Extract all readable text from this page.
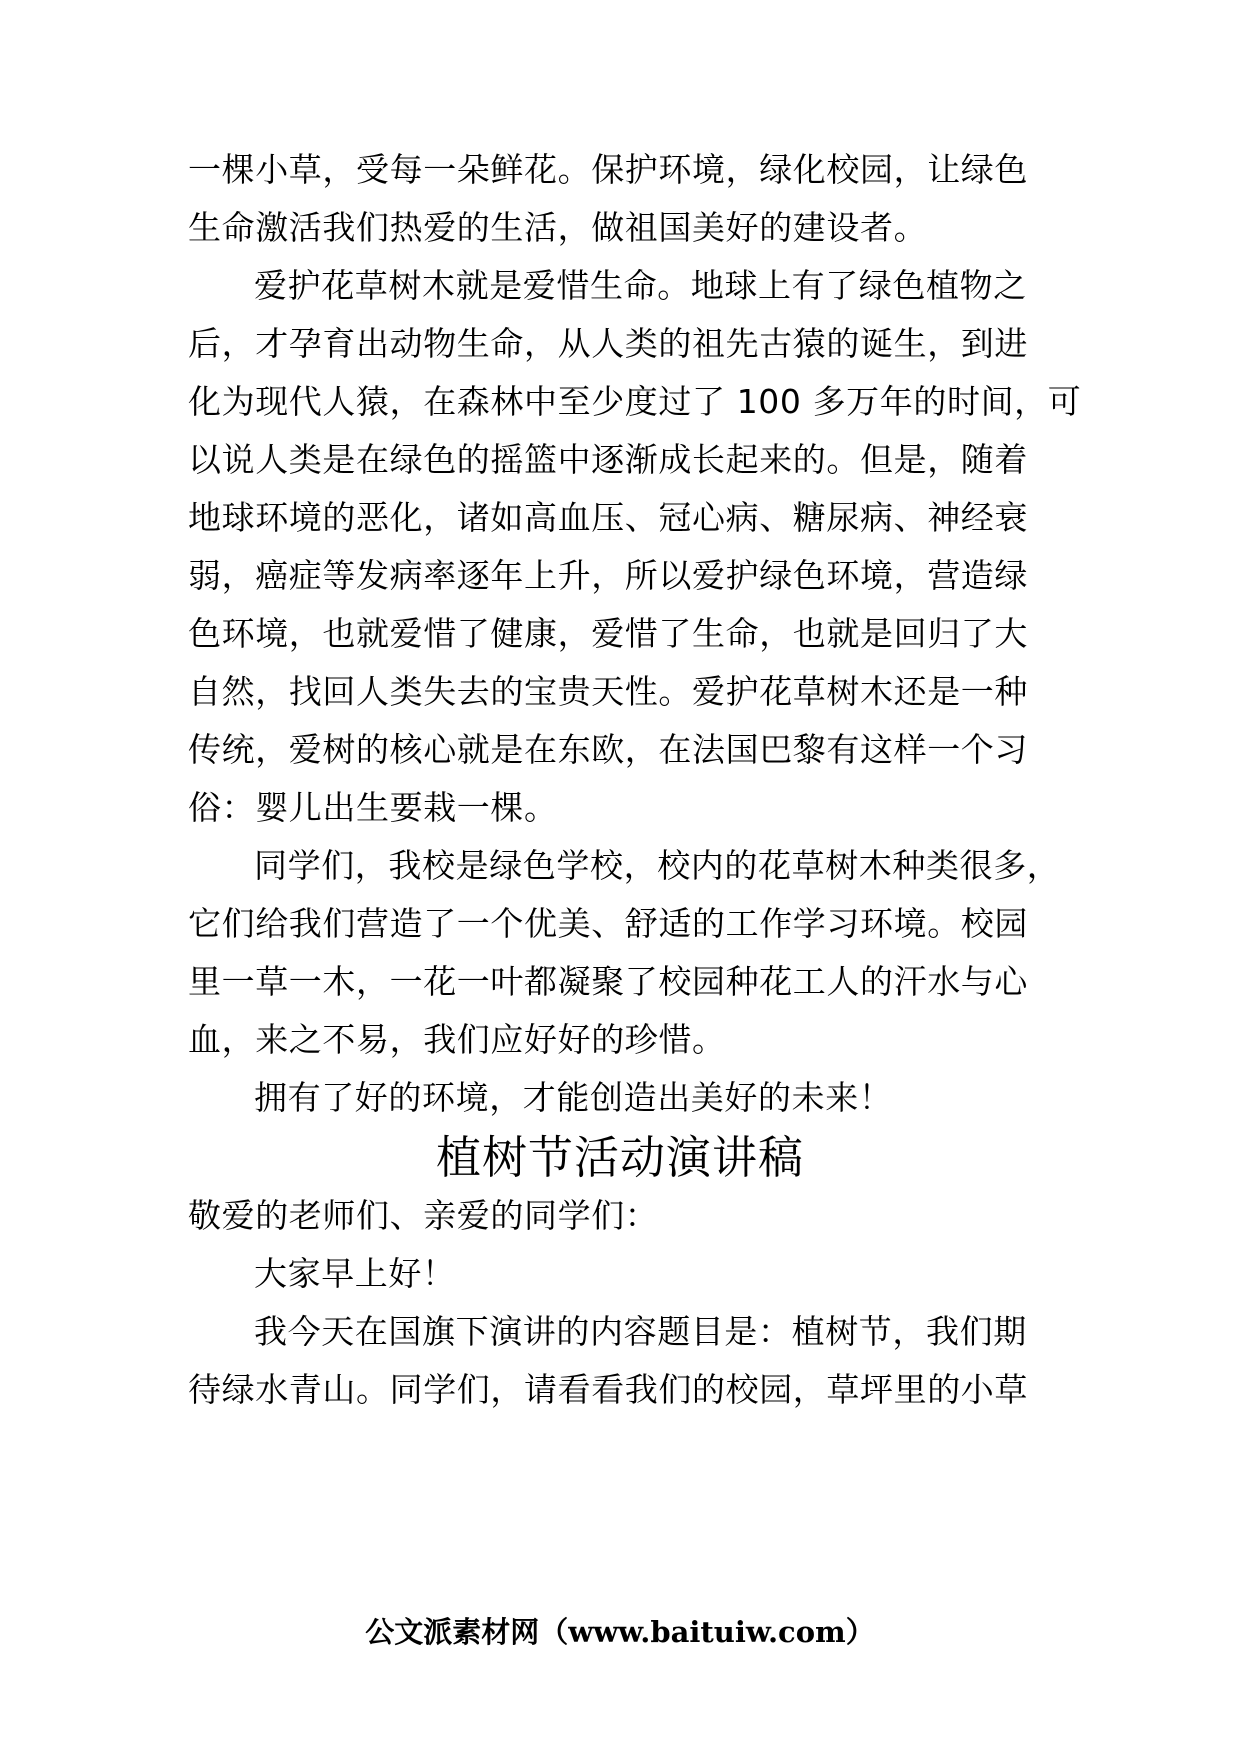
一棵小草，受每一朵鲜花。保护环境，绿化校园，让绿色
生命激活我们热爱的生活，做祖国美好的建设者。
爱护花草树木就是爱惜生命。地球上有了绿色植物之
后，才孕育出动物生命，从人类的祖先古猿的诞生，到进
化为现代人猿，在森林中至少度过了 100 多万年的时间，可
以说人类是在绿色的摇篮中逐渐成长起来的。但是，随着
地球环境的恶化，诸如高血压、冠心病、糖尿病、神经衰
弱，癌症等发病率逐年上升，所以爱护绿色环境，营造绿
色环境，也就爱惜了健康，爱惜了生命，也就是回归了大
自然，找回人类失去的宝贵天性。爱护花草树木还是一种
传统，爱树的核心就是在东欧，在法国巴黎有这样一个习
俗：婴儿出生要栽一棵。
同学们，我校是绿色学校，校内的花草树木种类很多，
它们给我们营造了一个优美、舒适的工作学习环境。校园
里一草一木，一花一叶都凝聚了校园种花工人的汗水与心
血，来之不易，我们应好好的珍惜。
拥有了好的环境，才能创造出美好的未来！
植树节活动演讲稿
敬爱的老师们、亲爱的同学们：
大家早上好！
我今天在国旗下演讲的内容题目是：植树节，我们期
待绿水青山。同学们，请看看我们的校园，草坪里的小草
公文派素材网（www.baituiw.com）
